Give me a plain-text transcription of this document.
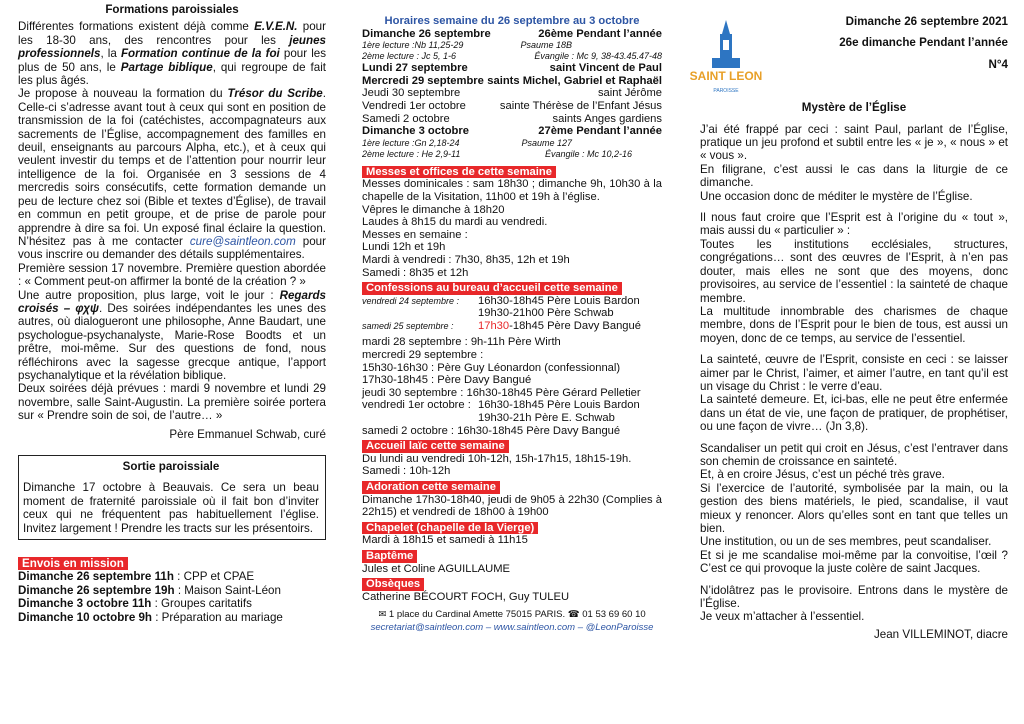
Formations paroissiales

Différentes formations existent déjà comme E.V.E.N. pour les 18-30 ans, des rencontres pour les jeunes professionnels, la Formation continue de la foi pour les plus de 50 ans, le Partage biblique, qui regroupe de fait les plus âgés.

Je propose à nouveau la formation du Trésor du Scribe. Celle-ci s’adresse avant tout à ceux qui sont en position de transmission de la foi (catéchistes, accompagnateurs aux sacrements de l’Église, accompagnement des familles en deuil, enseignants au parcours Alpha, etc.), et à ceux qui veulent investir du temps et de l’attention pour nourrir leur intelligence de la foi. Organisée en 3 sessions de 4 mercredis soirs consécutifs, cette formation demande un peu de lecture chez soi (Bible et textes d’Église), de travail en commun en petit groupe, et de prise de parole pour apprendre à dire sa foi. Un exposé final éclaire la question. N’hésitez pas à me contacter cure@saintleon.com pour vous inscrire ou demander des détails supplémentaires.

Première session 17 novembre. Première question abordée : « Comment peut-on affirmer la bonté de la création ? »

Une autre proposition, plus large, voit le jour : Regards croisés – φχψ. Des soirées indépendantes les unes des autres, où dialogueront une philosophe, Anne Baudart, une psychologue-psychanalyste, Marie-Rose Boodts et un prêtre, moi-même. Sur des questions de fond, nous réfléchirons avec la sagesse grecque antique, l’apport psychanalytique et la révélation biblique.

Deux soirées déjà prévues : mardi 9 novembre et lundi 29 novembre, salle Saint-Augustin. La première soirée portera sur « Prendre soin de soi, de l’autre… »

Père Emmanuel Schwab, curé

Sortie paroissiale

Dimanche 17 octobre à Beauvais. Ce sera un beau moment de fraternité paroissiale où il fait bon d’inviter ceux qui ne fréquentent pas habituellement l’église. Invitez largement ! Prendre les tracts sur les présentoirs.

Envois en mission
Dimanche 26 septembre 11h : CPP et CPAE
Dimanche 26 septembre 19h : Maison Saint-Léon
Dimanche 3 octobre 11h : Groupes caritatifs
Dimanche 10 octobre 9h : Préparation au mariage
Horaires semaine du 26 septembre au 3 octobre
Dimanche 26 septembre	26ème Pendant l’année
1ère lecture :Nb 11,25-29	Psaume 18B
2ème lecture : Jc 5, 1-6	Évangile : Mc 9, 38-43.45.47-48
Lundi 27 septembre	saint Vincent de Paul
Mercredi 29 septembre saints Michel, Gabriel et Raphaël
Jeudi 30 septembre	saint Jérôme
Vendredi 1er octobre	sainte Thérèse de l’Enfant Jésus
Samedi 2 octobre	saints Anges gardiens
Dimanche 3 octobre	27ème Pendant l’année
1ère lecture :Gn 2,18-24	Psaume 127
2ème lecture : He 2,9-11	Évangile : Mc 10,2-16
Messes et offices de cette semaine

Messes dominicales : sam 18h30 ; dimanche 9h, 10h30 à la chapelle de la Visitation, 11h00 et 19h à l’église.

Vêpres le dimanche à 18h20

Laudes à 8h15 du mardi au vendredi.

Messes en semaine :

Lundi 12h et 19h

Mardi à vendredi : 7h30, 8h35, 12h et 19h

Samedi : 8h35 et 12h

Confessions au bureau d’accueil cette semaine
vendredi 24 septembre : 16h30-18h45 Père Louis Bardon
19h30-21h00 Père Schwab
samedi 25 septembre : 17h30-18h45 Père Davy Bangué
mardi 28 septembre : 9h-11h Père Wirth
mercredi 29 septembre :
15h30-16h30 : Père Guy Léonardon (confessionnal)
17h30-18h45 : Père Davy Bangué
jeudi 30 septembre : 16h30-18h45 Père Gérard Pelletier
vendredi 1er octobre : 16h30-18h45 Père Louis Bardon
19h30-21h Père E. Schwab
samedi 2 octobre : 16h30-18h45 Père Davy Bangué
Accueil laïc cette semaine

Du lundi au vendredi 10h-12h, 15h-17h15, 18h15-19h.

Samedi : 10h-12h

Adoration cette semaine

Dimanche 17h30-18h40, jeudi de 9h05 à 22h30 (Complies à 22h15) et vendredi de 18h00 à 19h00

Chapelet (chapelle de la Vierge)

Mardi à 18h15 et samedi à 11h15

Baptême

Jules et Coline AGUILLAUME

Obsèques

Catherine BÉCOURT FOCH, Guy TULEU

✉ 1 place du Cardinal Amette 75015 PARIS. ☎ 01 53 69 60 10

secretariat@saintleon.com – www.saintleon.com – @LeonParoisse

SAINT LEON
PAROISSE
Dimanche 26 septembre 2021
26e dimanche Pendant l’année
N°4
Mystère de l’Église

J’ai été frappé par ceci : saint Paul, parlant de l’Église, pratique un jeu profond et subtil entre les « je », « nous » et « vous ».

En filigrane, c’est aussi le cas dans la liturgie de ce dimanche.

Une occasion donc de méditer le mystère de l’Église.

Il nous faut croire que l’Esprit est à l’origine du « tout », mais aussi du « particulier » :

Toutes les institutions ecclésiales, structures, congrégations… sont des œuvres de l’Esprit, à n’en pas douter, mais elles ne sont que des moyens, donc provisoires, au service de l’essentiel : la sainteté de chaque membre.

La multitude innombrable des charismes de chaque membre, dons de l’Esprit pour le bien de tous, est aussi un moyen, donc de ce temps, au service de l’essentiel.

La sainteté, œuvre de l’Esprit, consiste en ceci : se laisser aimer par le Christ, l’aimer, et aimer l’autre, en tant qu’il est un visage du Christ : le verre d’eau.

La sainteté demeure. Et, ici-bas, elle ne peut être enfermée dans un état de vie, une façon de pratiquer, de prophétiser, ou une façon de vivre… (Jn 3,8).

Scandaliser un petit qui croit en Jésus, c’est l’entraver dans son chemin de croissance en sainteté.

Et, à en croire Jésus, c’est un péché très grave.

Si l’exercice de l’autorité, symbolisée par la main, ou la gestion des biens matériels, le pied, scandalise, il vaut mieux y renoncer. Alors qu’elles sont en tant que telles un bien.

Une institution, ou un de ses membres, peut scandaliser.

Et si je me scandalise moi-même par la convoitise, l’œil ? C’est ce qui provoque la juste colère de saint Jacques.

N’idolâtrez pas le provisoire. Entrons dans le mystère de l’Église.

Je veux m’attacher à l’essentiel.

Jean VILLEMINOT, diacre
